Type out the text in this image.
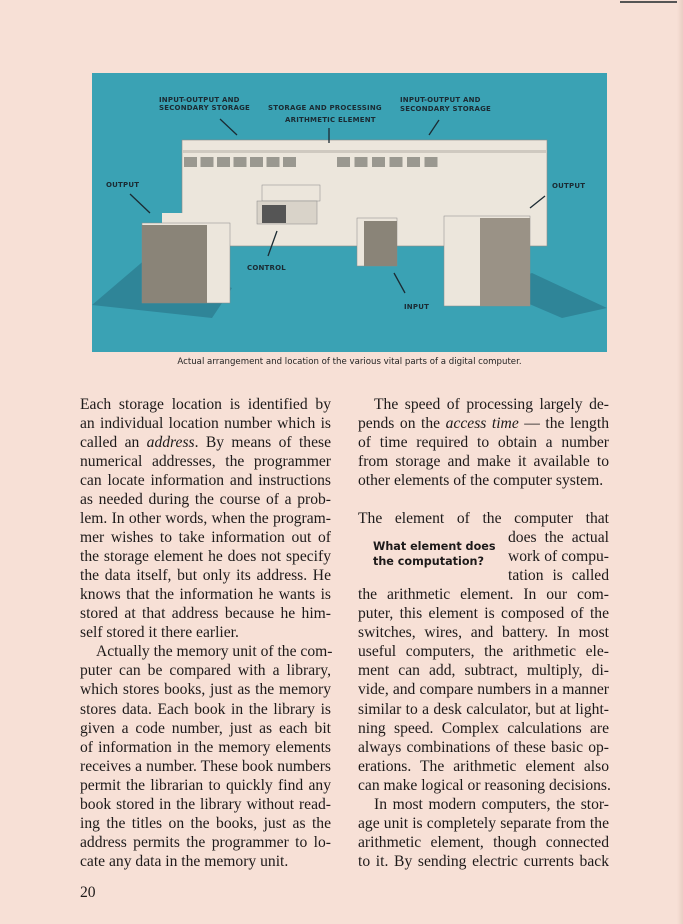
INPUT-OUTPUT AND
SECONDARY STORAGE	STORAGE AND PROCESSING
ARITHMETIC ELEMENT
INPUT-OUTPUT AND
SECONDARY STORAGE
OUTPUT	OUTPUT
CONTROL
INPUT
Actual arrangement and location of the various vital parts of a digital computer.
Each storage location is identified by
an individual location number which is
called an address. By means of these
numerical addresses, the programmer
can locate information and instructions
as needed during the course of a prob-
lem. In other words, when the program-
mer wishes to take information out of
the storage element he does not specify
the data itself, but only its address. He
knows that the information he wants is
stored at that address because he him-
self stored it there earlier.
Actually the memory unit of the com-
puter can be compared with a library,
which stores books, just as the memory
stores data. Each book in the library is
given a code number, just as each bit
of information in the memory elements
receives a number. These book numbers
permit the librarian to quickly find any
book stored in the library without read-
ing the titles on the books, just as the
address permits the programmer to lo-
cate any data in the memory unit.
The speed of processing largely de-
pends on the access time — the length
of time required to obtain a number
from storage and make it available to
other elements of the computer system.

The element of the computer that
does the actual
work of compu-
tation is called
the arithmetic element. In our com-
puter, this element is composed of the
switches, wires, and battery. In most
useful computers, the arithmetic ele-
ment can add, subtract, multiply, di-
vide, and compare numbers in a manner
similar to a desk calculator, but at light-
ning speed. Complex calculations are
always combinations of these basic op-
erations. The arithmetic element also
can make logical or reasoning decisions.
In most modern computers, the stor-
age unit is completely separate from the
arithmetic element, though connected
to it. By sending electric currents back
What element does the computation?
20
